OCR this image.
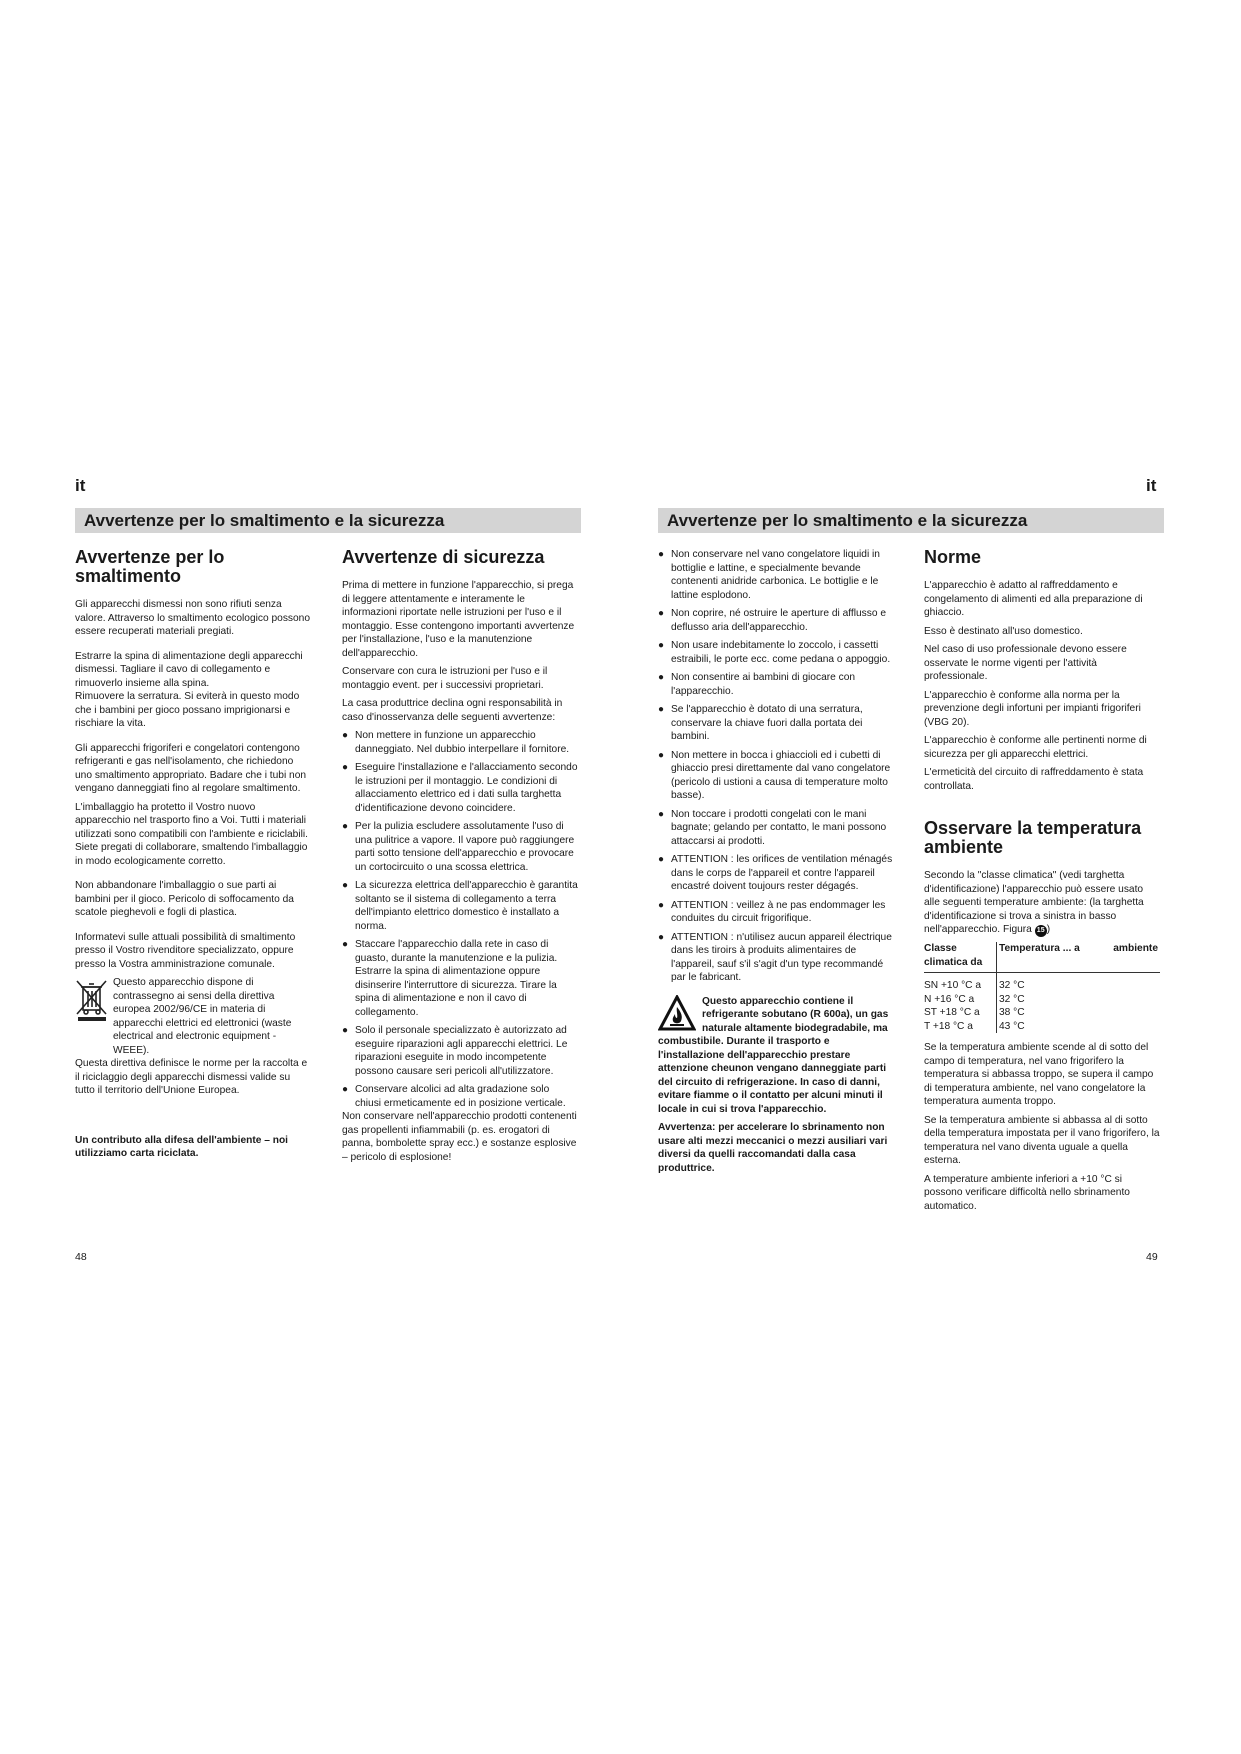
it
Avvertenze per lo smaltimento e la sicurezza
Avvertenze per lo smaltimento

Gli apparecchi dismessi non sono rifiuti senza valore. Attraverso lo smaltimento ecologico possono essere recuperati materiali pregiati.

Estrarre la spina di alimentazione degli apparecchi dismessi. Tagliare il cavo di collegamento e rimuoverlo insieme alla spina.

Rimuovere la serratura. Si eviterà in questo modo che i bambini per gioco possano imprigionarsi e rischiare la vita.

Gli apparecchi frigoriferi e congelatori contengono refrigeranti e gas nell'isolamento, che richiedono uno smaltimento appropriato. Badare che i tubi non vengano danneggiati fino al regolare smaltimento.

L'imballaggio ha protetto il Vostro nuovo apparecchio nel trasporto fino a Voi. Tutti i materiali utilizzati sono compatibili con l'ambiente e riciclabili. Siete pregati di collaborare, smaltendo l'imballaggio in modo ecologicamente corretto.

Non abbandonare l'imballaggio o sue parti ai bambini per il gioco. Pericolo di soffocamento da scatole pieghevoli e fogli di plastica.

Informatevi sulle attuali possibilità di smaltimento presso il Vostro rivenditore specializzato, oppure presso la Vostra amministrazione comunale.

Questo apparecchio dispone di contrassegno ai sensi della direttiva europea 2002/96/CE in materia di apparecchi elettrici ed elettronici (waste electrical and electronic equipment - WEEE).

Questa direttiva definisce le norme per la raccolta e il riciclaggio degli apparecchi dismessi valide su tutto il territorio dell'Unione Europea.

Un contributo alla difesa dell'ambiente – noi utilizziamo carta riciclata.

Avvertenze di sicurezza

Prima di mettere in funzione l'apparecchio, si prega di leggere attentamente e interamente le informazioni riportate nelle istruzioni per l'uso e il montaggio. Esse contengono importanti avvertenze per l'installazione, l'uso e la manutenzione dell'apparecchio.

Conservare con cura le istruzioni per l'uso e il montaggio event. per i successivi proprietari.

La casa produttrice declina ogni responsabilità in caso d'inosservanza delle seguenti avvertenze:

● Non mettere in funzione un apparecchio danneggiato. Nel dubbio interpellare il fornitore.
● Eseguire l'installazione e l'allacciamento secondo le istruzioni per il montaggio. Le condizioni di allacciamento elettrico ed i dati sulla targhetta d'identificazione devono coincidere.
● Per la pulizia escludere assolutamente l'uso di una pulitrice a vapore. Il vapore può raggiungere parti sotto tensione dell'apparecchio e provocare un cortocircuito o una scossa elettrica.
● La sicurezza elettrica dell'apparecchio è garantita soltanto se il sistema di collegamento a terra dell'impianto elettrico domestico è installato a norma.
● Staccare l'apparecchio dalla rete in caso di guasto, durante la manutenzione e la pulizia. Estrarre la spina di alimentazione oppure disinserire l'interruttore di sicurezza. Tirare la spina di alimentazione e non il cavo di collegamento.
● Solo il personale specializzato è autorizzato ad eseguire riparazioni agli apparecchi elettrici. Le riparazioni eseguite in modo incompetente possono causare seri pericoli all'utilizzatore.
● Conservare alcolici ad alta gradazione solo chiusi ermeticamente ed in posizione verticale.

Non conservare nell'apparecchio prodotti contenenti gas propellenti infiammabili (p. es. erogatori di panna, bombolette spray ecc.) e sostanze esplosive – pericolo di esplosione!

48
it
Avvertenze per lo smaltimento e la sicurezza
● Non conservare nel vano congelatore liquidi in bottiglie e lattine, e specialmente bevande contenenti anidride carbonica. Le bottiglie e le lattine esplodono.
● Non coprire, né ostruire le aperture di afflusso e deflusso aria dell'apparecchio.
● Non usare indebitamente lo zoccolo, i cassetti estraibili, le porte ecc. come pedana o appoggio.
● Non consentire ai bambini di giocare con l'apparecchio.
● Se l'apparecchio è dotato di una serratura, conservare la chiave fuori dalla portata dei bambini.
● Non mettere in bocca i ghiaccioli ed i cubetti di ghiaccio presi direttamente dal vano congelatore (pericolo di ustioni a causa di temperature molto basse).
● Non toccare i prodotti congelati con le mani bagnate; gelando per contatto, le mani possono attaccarsi ai prodotti.
● ATTENTION : les orifices de ventilation ménagés dans le corps de l'appareil et contre l'appareil encastré doivent toujours rester dégagés.
● ATTENTION : veillez à ne pas endommager les conduites du circuit frigorifique.
● ATTENTION : n'utilisez aucun appareil électrique dans les tiroirs à produits alimentaires de l'appareil, sauf s'il s'agit d'un type recommandé par le fabricant.

Questo apparecchio contiene il refrigerante sobutano (R 600a), un gas naturale altamente biodegradabile, ma combustibile. Durante il trasporto e l'installazione dell'apparecchio prestare attenzione cheunon vengano danneggiate parti del circuito di refrigerazione. In caso di danni, evitare fiamme o il contatto per alcuni minuti il locale in cui si trova l'apparecchio.

Avvertenza: per accelerare lo sbrinamento non usare alti mezzi meccanici o mezzi ausiliari vari diversi da quelli raccomandati dalla casa produttrice.

Norme

L'apparecchio è adatto al raffreddamento e congelamento di alimenti ed alla preparazione di ghiaccio.

Esso è destinato all'uso domestico.

Nel caso di uso professionale devono essere osservate le norme vigenti per l'attività professionale.

L'apparecchio è conforme alla norma per la prevenzione degli infortuni per impianti frigoriferi (VBG 20).

L'apparecchio è conforme alle pertinenti norme di sicurezza per gli apparecchi elettrici.

L'ermeticità del circuito di raffreddamento è stata controllata.

Osservare la temperatura ambiente

Secondo la "classe climatica" (vedi targhetta d'identificazione) l'apparecchio può essere usato alle seguenti temperature ambiente: (la targhetta d'identificazione si trova a sinistra in basso nell'apparecchio. Figura 15 )

Classe climatica da	Temperatura ... a	ambiente
SN +10 °C a	32 °C	
N +16 °C a	32 °C	
ST +18 °C a	38 °C	
T +18 °C a	43 °C	

Se la temperatura ambiente scende al di sotto del campo di temperatura, nel vano frigorifero la temperatura si abbassa troppo, se supera il campo di temperatura ambiente, nel vano congelatore la temperatura aumenta troppo.

Se la temperatura ambiente si abbassa al di sotto della temperatura impostata per il vano frigorifero, la temperatura nel vano diventa uguale a quella esterna.

A temperature ambiente inferiori a +10 °C si possono verificare difficoltà nello sbrinamento automatico.

49
